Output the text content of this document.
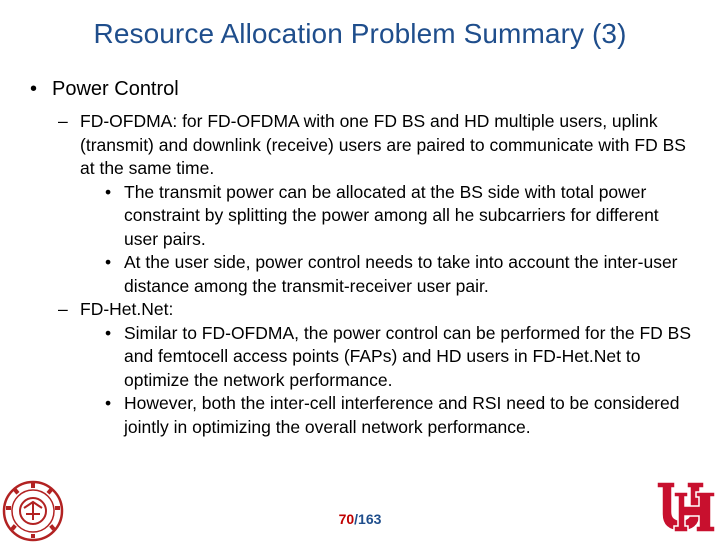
Resource Allocation Problem Summary (3)
• Power Control
– FD-OFDMA: for FD-OFDMA with one FD BS and HD multiple users, uplink (transmit) and downlink (receive) users are paired to communicate with FD BS at the same time.
• The transmit power can be allocated at the BS side with total power constraint by splitting the power among all he subcarriers for different user pairs.
• At the user side, power control needs to take into account the inter-user distance among the transmit-receiver user pair.
– FD-Het.Net:
• Similar to FD-OFDMA, the power control can be performed for the FD BS and femtocell access points (FAPs) and HD users in FD-Het.Net to optimize the network performance.
• However, both the inter-cell interference and RSI need to be considered jointly in optimizing the overall network performance.
70/163
